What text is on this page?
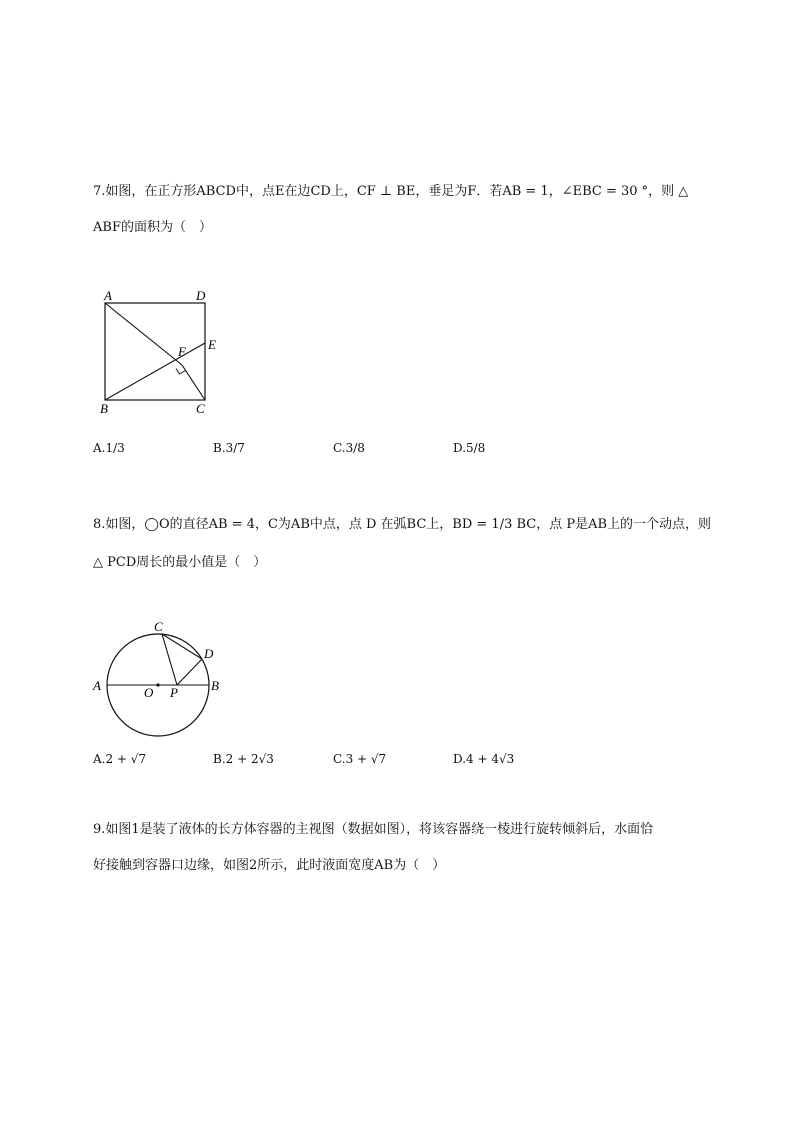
7.如图，在正方形ABCD中，点E在边CD上，CF ⊥ BE，垂足为F．若AB = 1，∠EBC = 30 °，则 △
ABF的面积为（　）
A	D
E
F
B	C
A.1/3	B.3/7	C.3/8	D.5/8
8.如图，◯O的直径AB = 4，C为AB中点，点 D 在弧BC上，BD = 1/3 BC，点 P是AB上的一个动点，则
△ PCD周长的最小值是（　）
C
D
A	B
O P
A.2 + √7	B.2 + 2√3	C.3 + √7	D.4 + 4√3
9.如图1是装了液体的长方体容器的主视图（数据如图），将该容器绕一棱进行旋转倾斜后，水面恰
好接触到容器口边缘，如图2所示，此时液面宽度AB为（　）
